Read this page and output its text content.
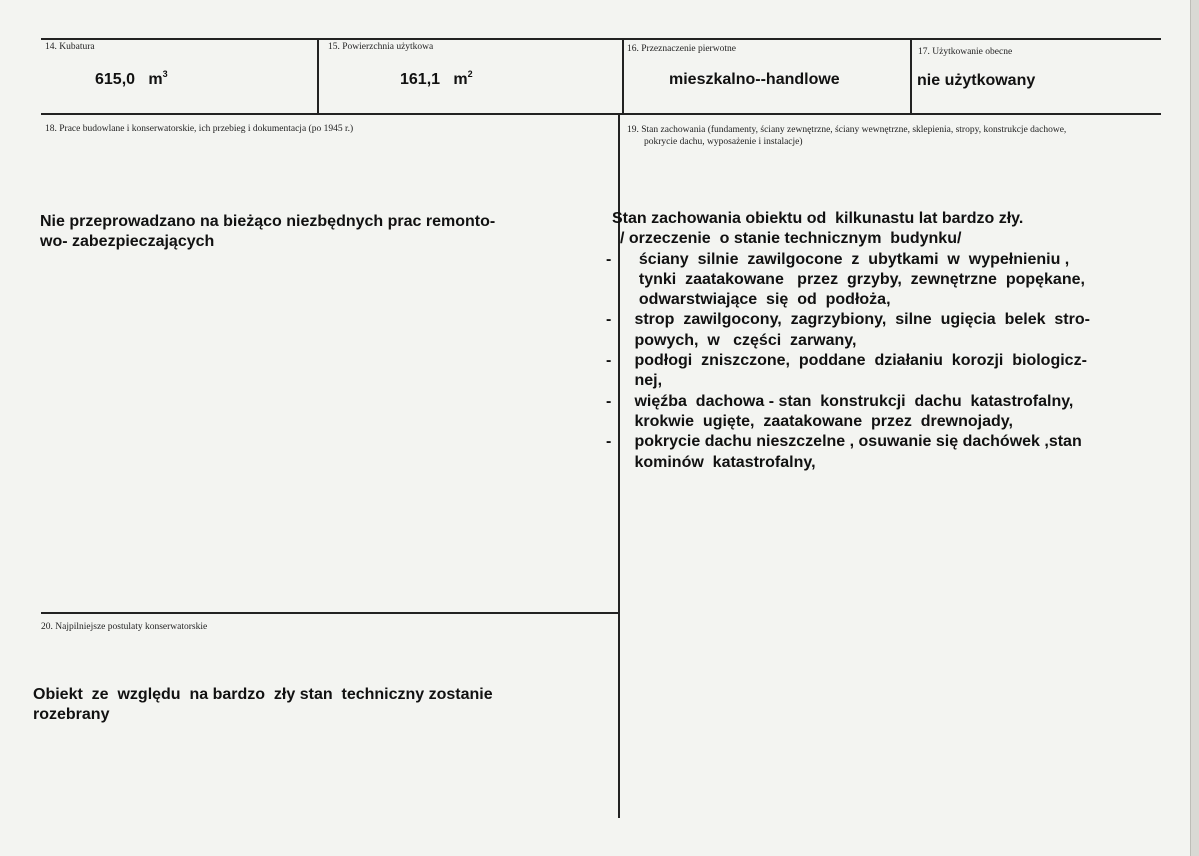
14. Kubatura
615,0 $m^3$
15. Powierzchnia użytkowa
161,1 $m^2$
16. Przeznaczenie pierwotne
mieszkalno--handlowe
17. Użytkowanie obecne
nie użytkowany
18. Prace budowlane i konserwatorskie, ich przebieg i dokumentacja (po 1945 r.)
Nie przeprowadzano na bieżąco niezbędnych prac remonto-
wo- zabezpieczających
19. Stan zachowania (fundamenty, ściany zewnętrzne, ściany wewnętrzne, sklepienia, stropy, konstrukcje dachowe,
pokrycie dachu, wyposażenie i instalacje)
Stan zachowania obiektu od  kilkunastu lat bardzo zły.
/ orzeczenie  o stanie technicznym  budynku/
- ściany  silnie  zawilgocone  z  ubytkami  w  wypełnieniu ,
tynki  zaatakowane   przez  grzyby,  zewnętrzne  popękane,
odwarstwiające  się  od  podłoża,
- strop  zawilgocony,  zagrzybiony,  silne  ugięcia  belek  stro-
powych,  w   części  zarwany,
- podłogi  zniszczone,  poddane  działaniu  korozji  biologicz-
nej,
- więźba  dachowa - stan  konstrukcji  dachu  katastrofalny,
krokwie  ugięte,  zaatakowane  przez  drewnojady,
- pokrycie dachu nieszczelne , osuwanie się dachówek ,stan
kominów  katastrofalny,
20. Najpilniejsze postulaty konserwatorskie
Obiekt  ze  względu  na bardzo  zły stan  techniczny zostanie
rozebrany
